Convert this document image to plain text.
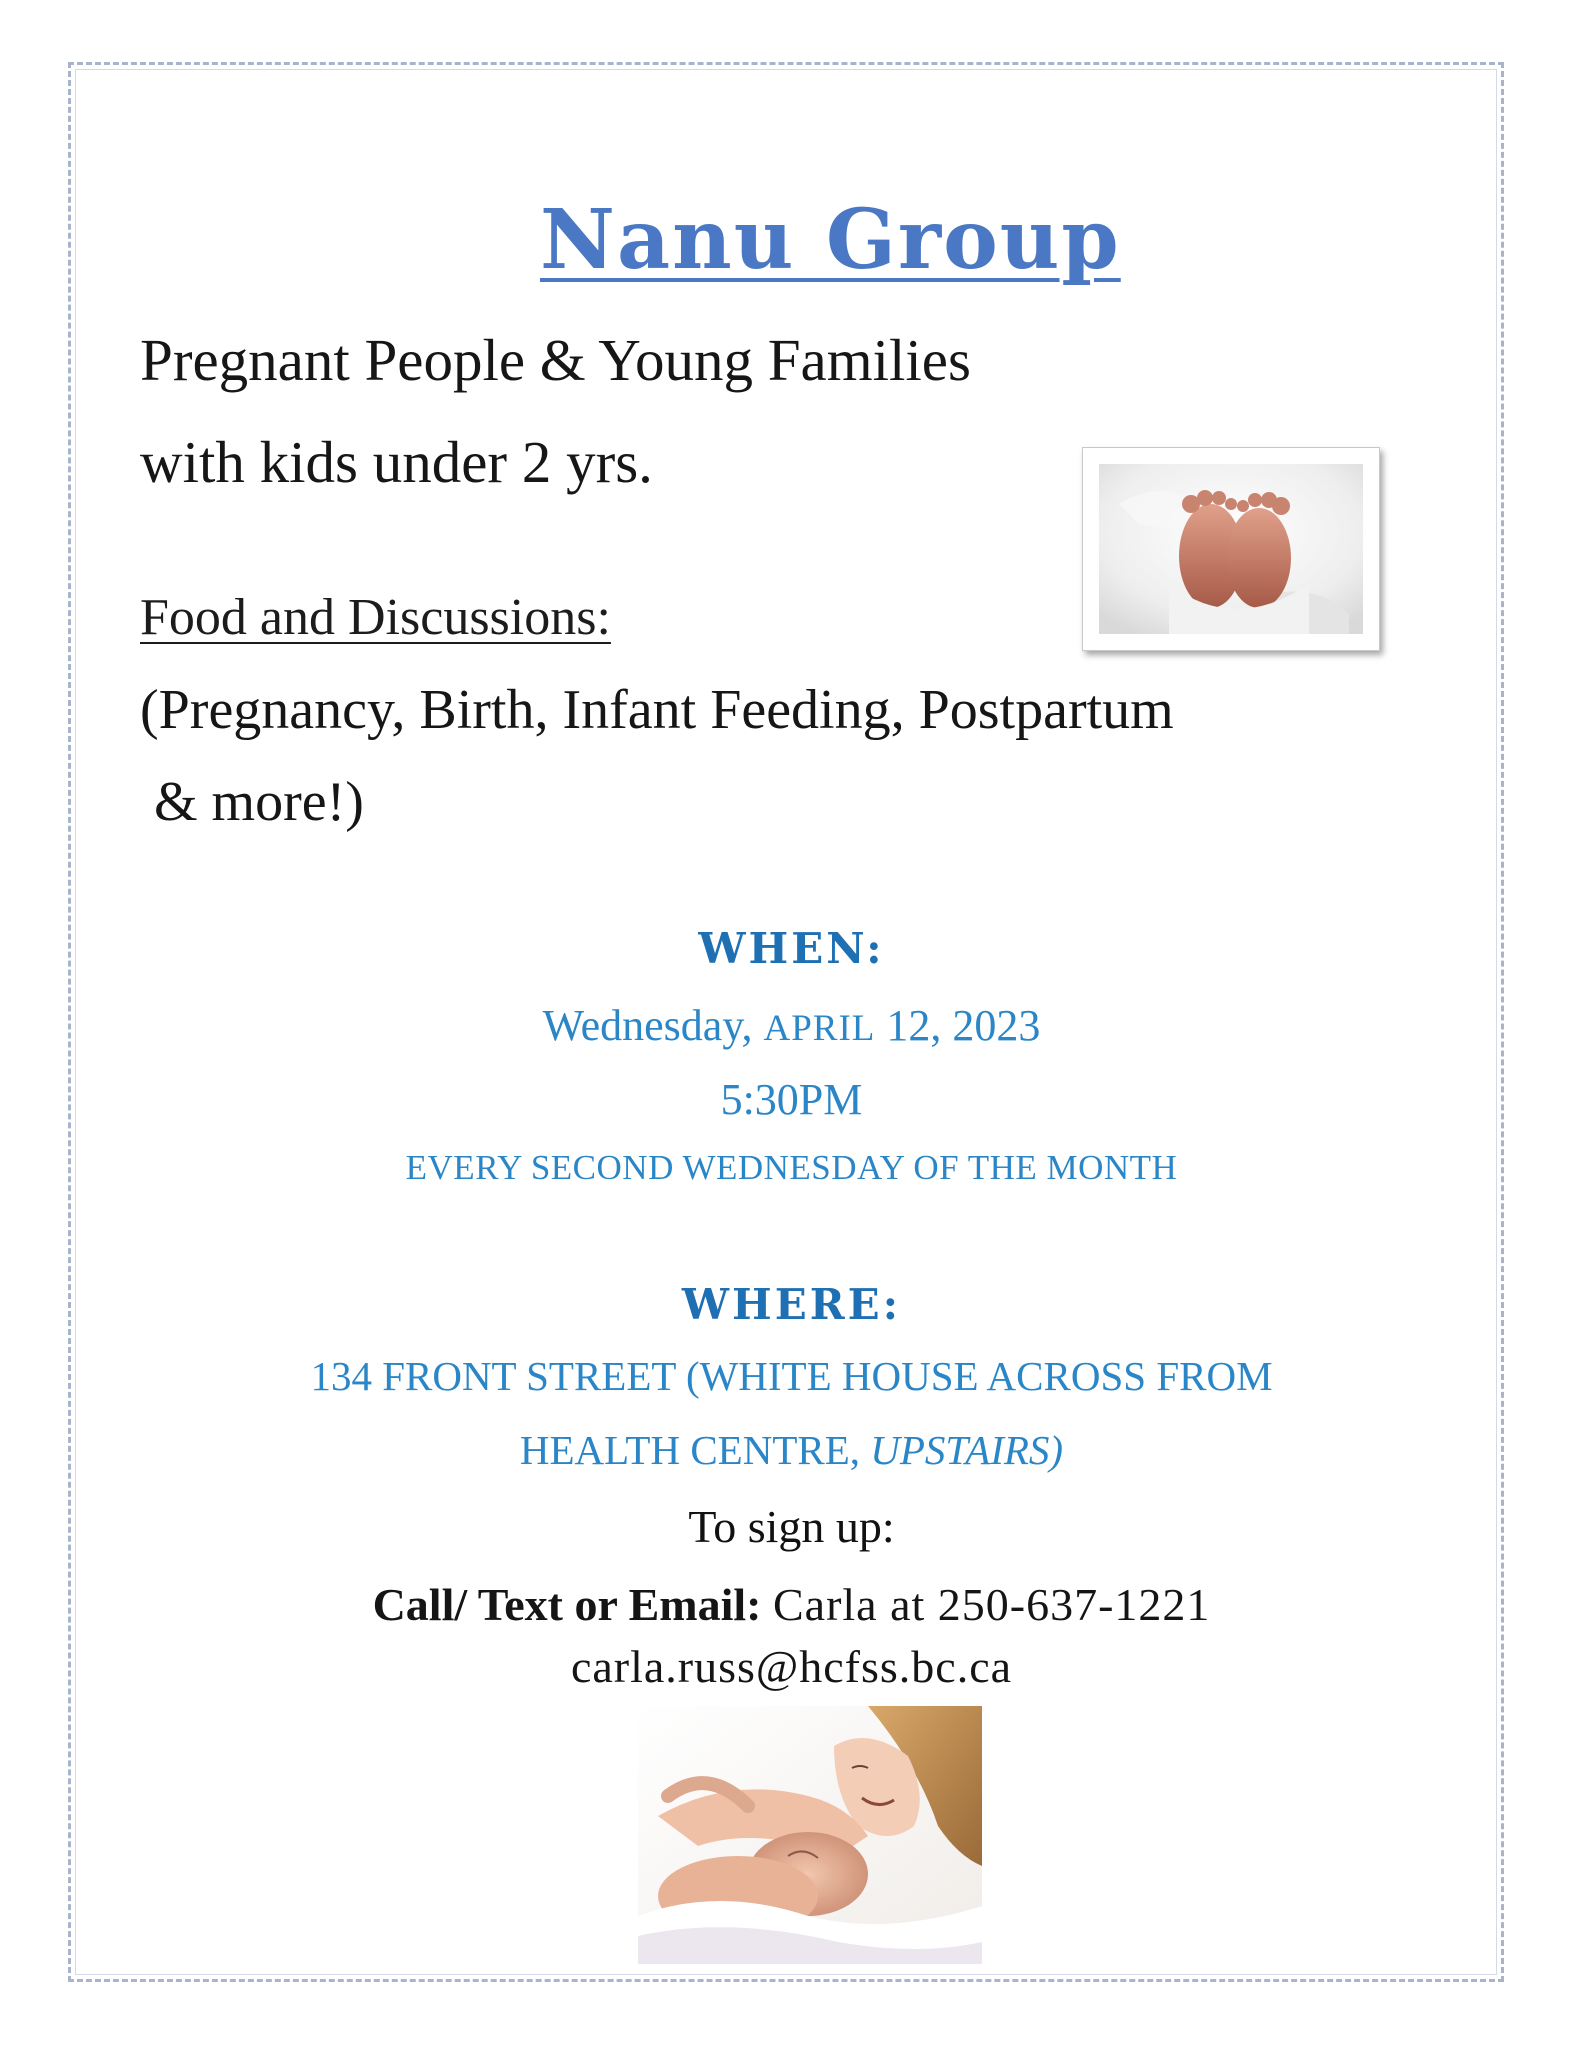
Nanu Group
Pregnant People & Young Families
with kids under 2 yrs.
Food and Discussions:
(Pregnancy, Birth, Infant Feeding, Postpartum
& more!)
WHEN:
Wednesday, APRIL 12, 2023
5:30PM
EVERY SECOND WEDNESDAY OF THE MONTH
WHERE:
134 FRONT STREET (WHITE HOUSE ACROSS FROM
HEALTH CENTRE, UPSTAIRS)
To sign up:
Call/ Text or Email: Carla at 250-637-1221
carla.russ@hcfss.bc.ca
